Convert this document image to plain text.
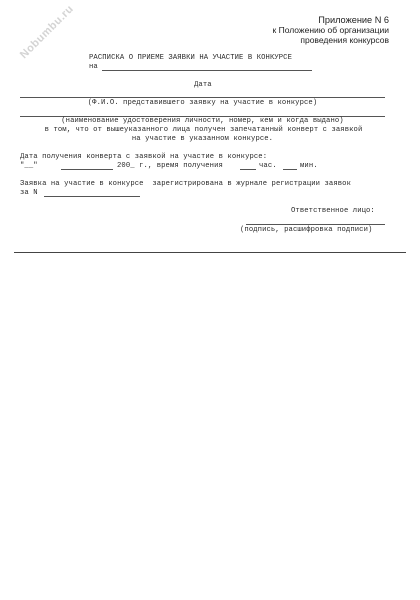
Nobumbu.ru	Приложение N 6
к Положению об организации
проведения конкурсов
РАСПИСКА О ПРИЕМЕ ЗАЯВКИ НА УЧАСТИЕ В КОНКУРСЕ
на
Дата
(Ф.И.О. представившего заявку на участие в конкурсе)
(наименование удостоверения личности, номер, кем и когда выдано)
в том, что от вышеуказанного лица получен запечатанный конверт с заявкой
на участие в указанном конкурсе.
Дата получения конверта с заявкой на участие в конкурсе:
"__"	200_ г., время получения	час.	мин.
Заявка на участие в конкурсе  зарегистрирована в журнале регистрации заявок
за N
Ответственное лицо:
(подпись, расшифровка подписи)
